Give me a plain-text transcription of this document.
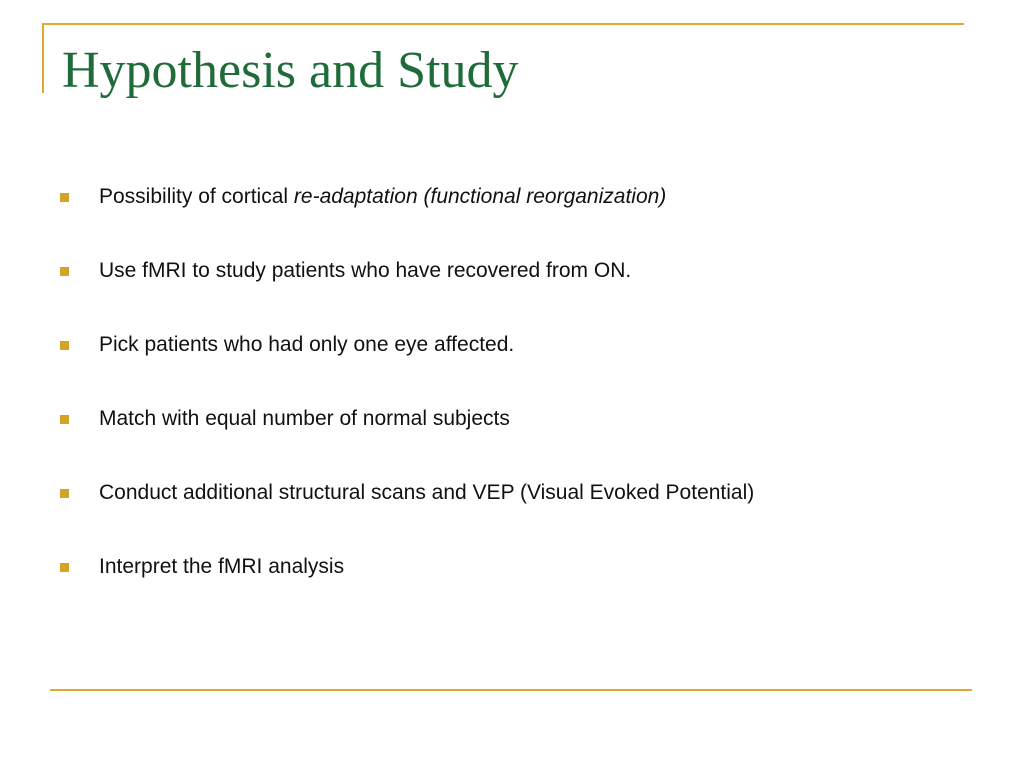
Hypothesis and Study
Possibility of cortical re-adaptation (functional reorganization)
Use fMRI to study patients who have recovered from ON.
Pick patients who had only one eye affected.
Match with equal number of normal subjects
Conduct additional structural scans and VEP (Visual Evoked Potential)
Interpret the fMRI analysis
